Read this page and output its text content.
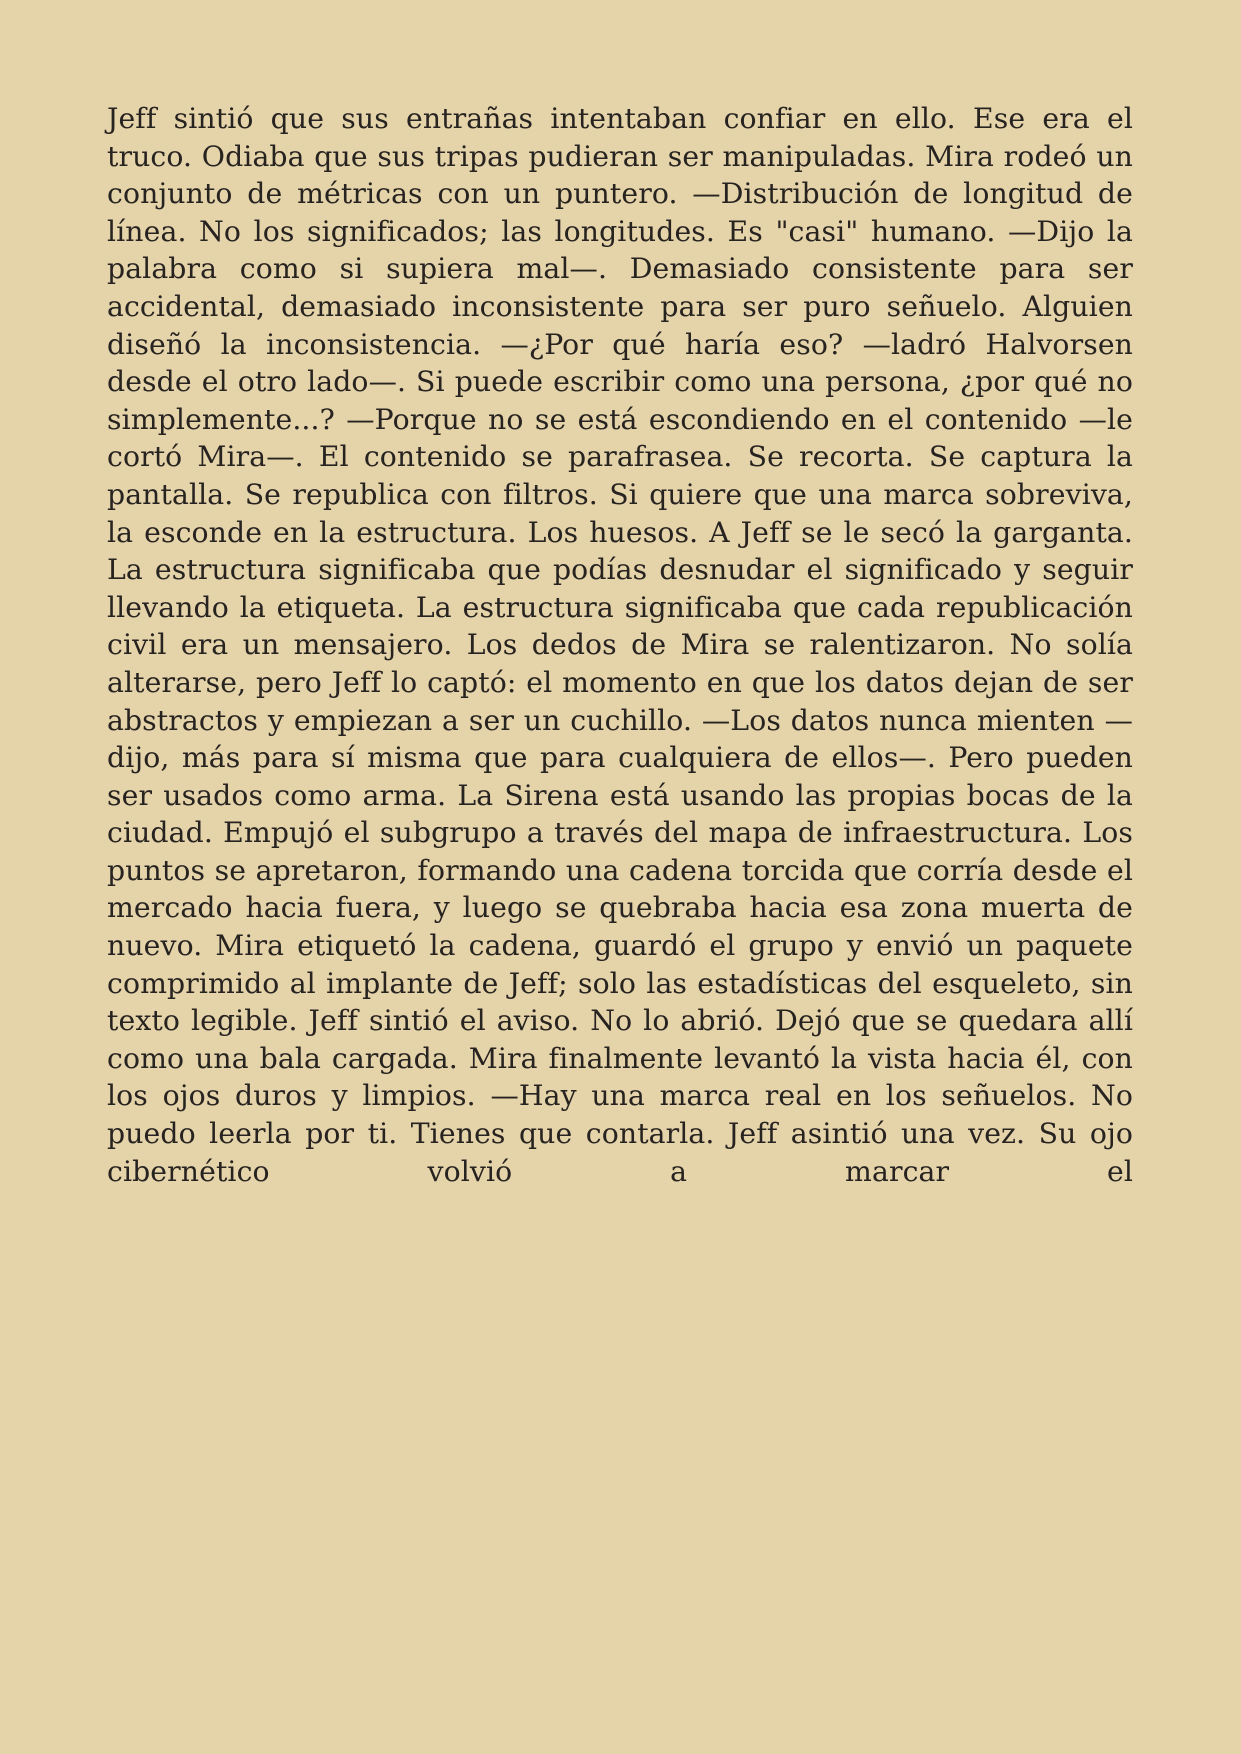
Jeff sintió que sus entrañas intentaban confiar en ello. Ese era el truco. Odiaba que sus tripas pudieran ser manipuladas. Mira rodeó un conjunto de métricas con un puntero. —Distribución de longitud de línea. No los significados; las longitudes. Es "casi" humano. —Dijo la palabra como si supiera mal—. Demasiado consistente para ser accidental, demasiado inconsistente para ser puro señuelo. Alguien diseñó la inconsistencia. —¿Por qué haría eso? —ladró Halvorsen desde el otro lado—. Si puede escribir como una persona, ¿por qué no simplemente...? —Porque no se está escondiendo en el contenido —le cortó Mira—. El contenido se parafrasea. Se recorta. Se captura la pantalla. Se republica con filtros. Si quiere que una marca sobreviva, la esconde en la estructura. Los huesos. A Jeff se le secó la garganta. La estructura significaba que podías desnudar el significado y seguir llevando la etiqueta. La estructura significaba que cada republicación civil era un mensajero. Los dedos de Mira se ralentizaron. No solía alterarse, pero Jeff lo captó: el momento en que los datos dejan de ser abstractos y empiezan a ser un cuchillo. —Los datos nunca mienten —dijo, más para sí misma que para cualquiera de ellos—. Pero pueden ser usados como arma. La Sirena está usando las propias bocas de la ciudad. Empujó el subgrupo a través del mapa de infraestructura. Los puntos se apretaron, formando una cadena torcida que corría desde el mercado hacia fuera, y luego se quebraba hacia esa zona muerta de nuevo. Mira etiquetó la cadena, guardó el grupo y envió un paquete comprimido al implante de Jeff; solo las estadísticas del esqueleto, sin texto legible. Jeff sintió el aviso. No lo abrió. Dejó que se quedara allí como una bala cargada. Mira finalmente levantó la vista hacia él, con los ojos duros y limpios. —Hay una marca real en los señuelos. No puedo leerla por ti. Tienes que contarla. Jeff asintió una vez. Su ojo cibernético volvió a marcar el
